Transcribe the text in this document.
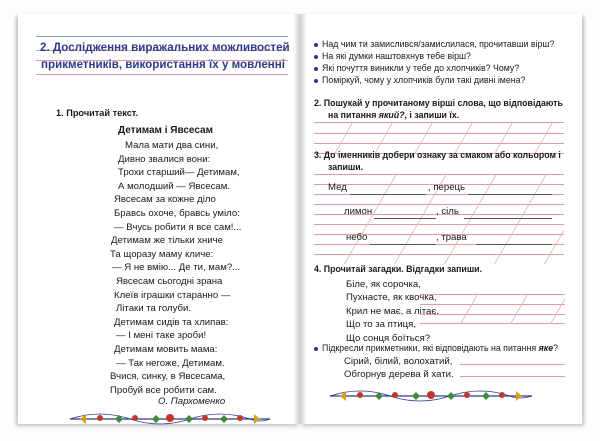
2. Дослідження виражальних можливостей
прикметників, використання їх у мовленні
1. Прочитай текст.
Детимам і Явсесам
Мала мати два сини,
Дивно звалися вони:
Трохи старший— Детимам,
А молодший — Явсесам.
Явсесам за кожне діло
Бравсь охоче, бравсь уміло:
— Вчусь робити я все сам!...
Детимам же тільки хниче
Та щоразу маму кличе:
— Я не вмію... Де ти, мам?...
Явсесам сьогодні зрана
Клеїв іграшки старанно —
Літаки та голуби.
Детимам сидів та хлипав:
— І мені таке зроби!
Детимам мовить мама:
— Так негоже, Детимам.
Вчися, синку, в Явсесама,
Пробуй все робити сам.
О. Пархоменко
Над чим ти замислився/замислилася, прочитавши вірш?
На які думки наштовхнув тебе вірш?
Які почуття виникли у тебе до хлопчиків? Чому?
Поміркуй, чому у хлопчиків були такі дивні імена?
2. Пошукай у прочитаному вірші слова, що відповідають
на питання який?, і запиши їх.
3. До іменників добери ознаку за смаком або кольором і
запиши.
Мед	, перець
лимон	, сіль
небо	, трава
4. Прочитай загадки. Відгадки запиши.
Біле, як сорочка,
Пухнасте, як квочка,
Крил не має, а літає.
Що то за птиця,
Що сонця боїться?
Підкресли прикметники, які відповідають на питання яке?
Сірий, білий, волохатий,
Обгорнув дерева й хати.
